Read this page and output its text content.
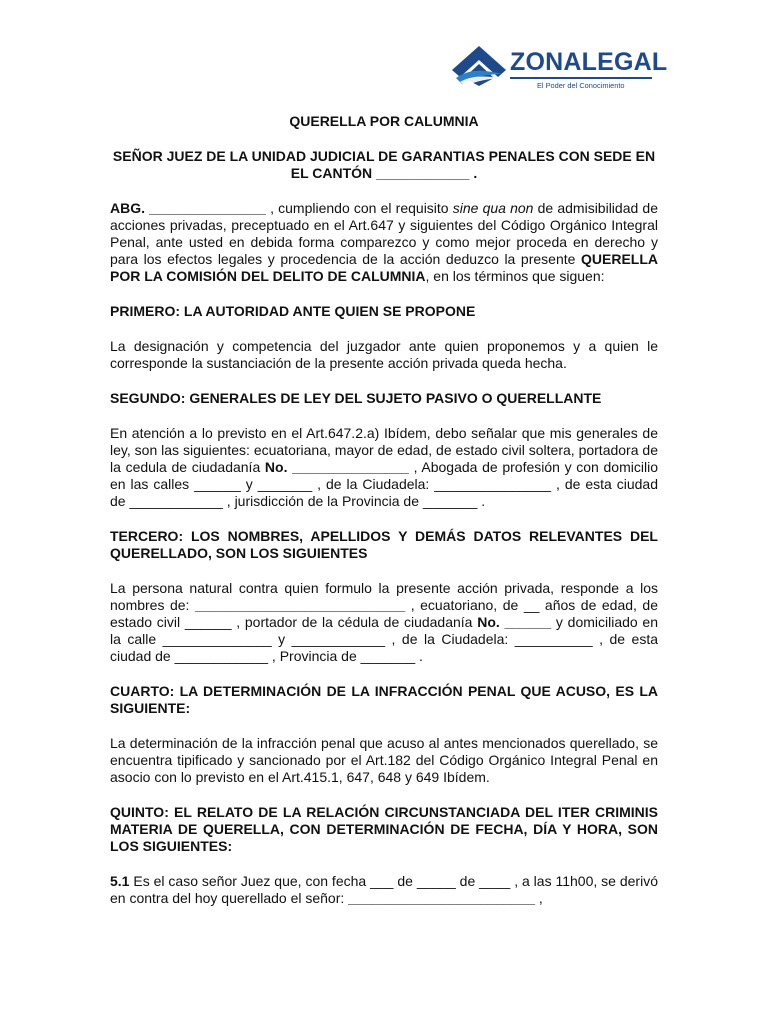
ZONALEGAL
El Poder del Conocimiento

QUERELLA POR CALUMNIA

SEÑOR JUEZ DE LA UNIDAD JUDICIAL DE GARANTIAS PENALES CON SEDE EN EL CANTÓN ____________ .

ABG. _______________ , cumpliendo con el requisito sine qua non de admisibilidad de acciones privadas, preceptuado en el Art.647 y siguientes del Código Orgánico Integral Penal, ante usted en debida forma comparezco y como mejor proceda en derecho y para los efectos legales y procedencia de la acción deduzco la presente QUERELLA POR LA COMISIÓN DEL DELITO DE CALUMNIA, en los términos que siguen:

PRIMERO: LA AUTORIDAD ANTE QUIEN SE PROPONE

La designación y competencia del juzgador ante quien proponemos y a quien le corresponde la sustanciación de la presente acción privada queda hecha.

SEGUNDO: GENERALES DE LEY DEL SUJETO PASIVO O QUERELLANTE

En atención a lo previsto en el Art.647.2.a) Ibídem, debo señalar que mis generales de ley, son las siguientes: ecuatoriana, mayor de edad, de estado civil soltera, portadora de la cedula de ciudadanía No. _______________ , Abogada de profesión y con domicilio en las calles ______ y _______ , de la Ciudadela: _______________ , de esta ciudad de ____________ , jurisdicción de la Provincia de _______ .

TERCERO: LOS NOMBRES, APELLIDOS Y DEMÁS DATOS RELEVANTES DEL QUERELLADO, SON LOS SIGUIENTES

La persona natural contra quien formulo la presente acción privada, responde a los nombres de: ___________________________ , ecuatoriano, de __ años de edad, de estado civil ______ , portador de la cédula de ciudadanía No. ______ y domiciliado en la calle ______________ y ____________ , de la Ciudadela: __________ , de esta ciudad de ____________ , Provincia de _______ .

CUARTO: LA DETERMINACIÓN DE LA INFRACCIÓN PENAL QUE ACUSO, ES LA SIGUIENTE:

La determinación de la infracción penal que acuso al antes mencionados querellado, se encuentra tipificado y sancionado por el Art.182 del Código Orgánico Integral Penal en asocio con lo previsto en el Art.415.1, 647, 648 y 649 Ibídem.

QUINTO: EL RELATO DE LA RELACIÓN CIRCUNSTANCIADA DEL ITER CRIMINIS MATERIA DE QUERELLA, CON DETERMINACIÓN DE FECHA, DÍA Y HORA, SON LOS SIGUIENTES:

5.1 Es el caso señor Juez que, con fecha ___ de _____ de ____ , a las 11h00, se derivó en contra del hoy querellado el señor: ________________________ ,
